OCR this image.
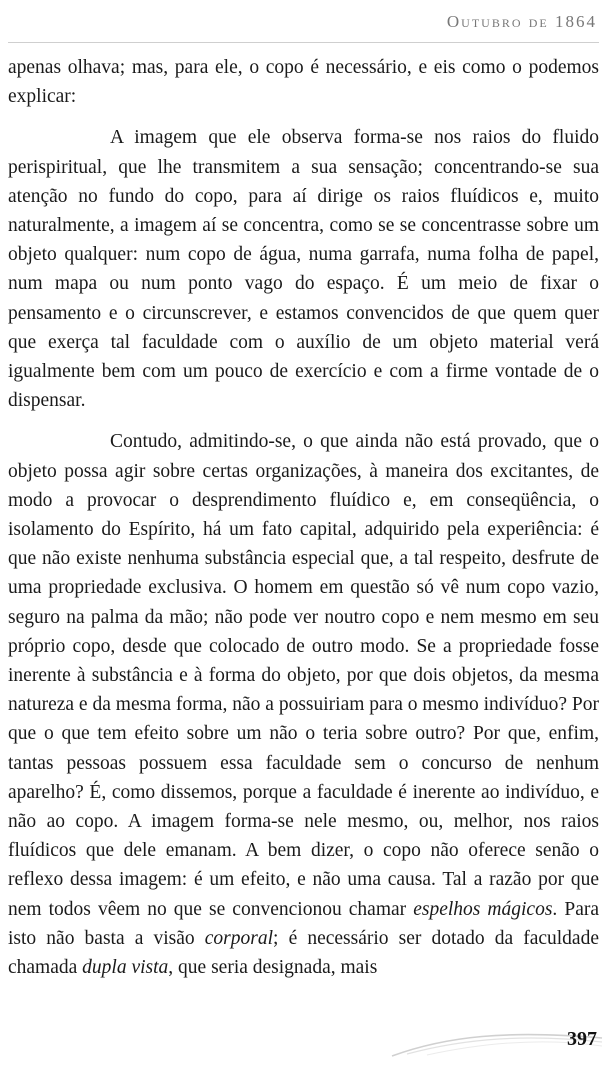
Outubro de 1864

apenas olhava; mas, para ele, o copo é necessário, e eis como o podemos explicar:

A imagem que ele observa forma-se nos raios do fluido perispiritual, que lhe transmitem a sua sensação; concentrando-se sua atenção no fundo do copo, para aí dirige os raios fluídicos e, muito naturalmente, a imagem aí se concentra, como se se concentrasse sobre um objeto qualquer: num copo de água, numa garrafa, numa folha de papel, num mapa ou num ponto vago do espaço. É um meio de fixar o pensamento e o circunscrever, e estamos convencidos de que quem quer que exerça tal faculdade com o auxílio de um objeto material verá igualmente bem com um pouco de exercício e com a firme vontade de o dispensar.

Contudo, admitindo-se, o que ainda não está provado, que o objeto possa agir sobre certas organizações, à maneira dos excitantes, de modo a provocar o desprendimento fluídico e, em conseqüência, o isolamento do Espírito, há um fato capital, adquirido pela experiência: é que não existe nenhuma substância especial que, a tal respeito, desfrute de uma propriedade exclusiva. O homem em questão só vê num copo vazio, seguro na palma da mão; não pode ver noutro copo e nem mesmo em seu próprio copo, desde que colocado de outro modo. Se a propriedade fosse inerente à substância e à forma do objeto, por que dois objetos, da mesma natureza e da mesma forma, não a possuiriam para o mesmo indivíduo? Por que o que tem efeito sobre um não o teria sobre outro? Por que, enfim, tantas pessoas possuem essa faculdade sem o concurso de nenhum aparelho? É, como dissemos, porque a faculdade é inerente ao indivíduo, e não ao copo. A imagem forma-se nele mesmo, ou, melhor, nos raios fluídicos que dele emanam. A bem dizer, o copo não oferece senão o reflexo dessa imagem: é um efeito, e não uma causa. Tal a razão por que nem todos vêem no que se convencionou chamar espelhos mágicos. Para isto não basta a visão corporal; é necessário ser dotado da faculdade chamada dupla vista, que seria designada, mais

397
